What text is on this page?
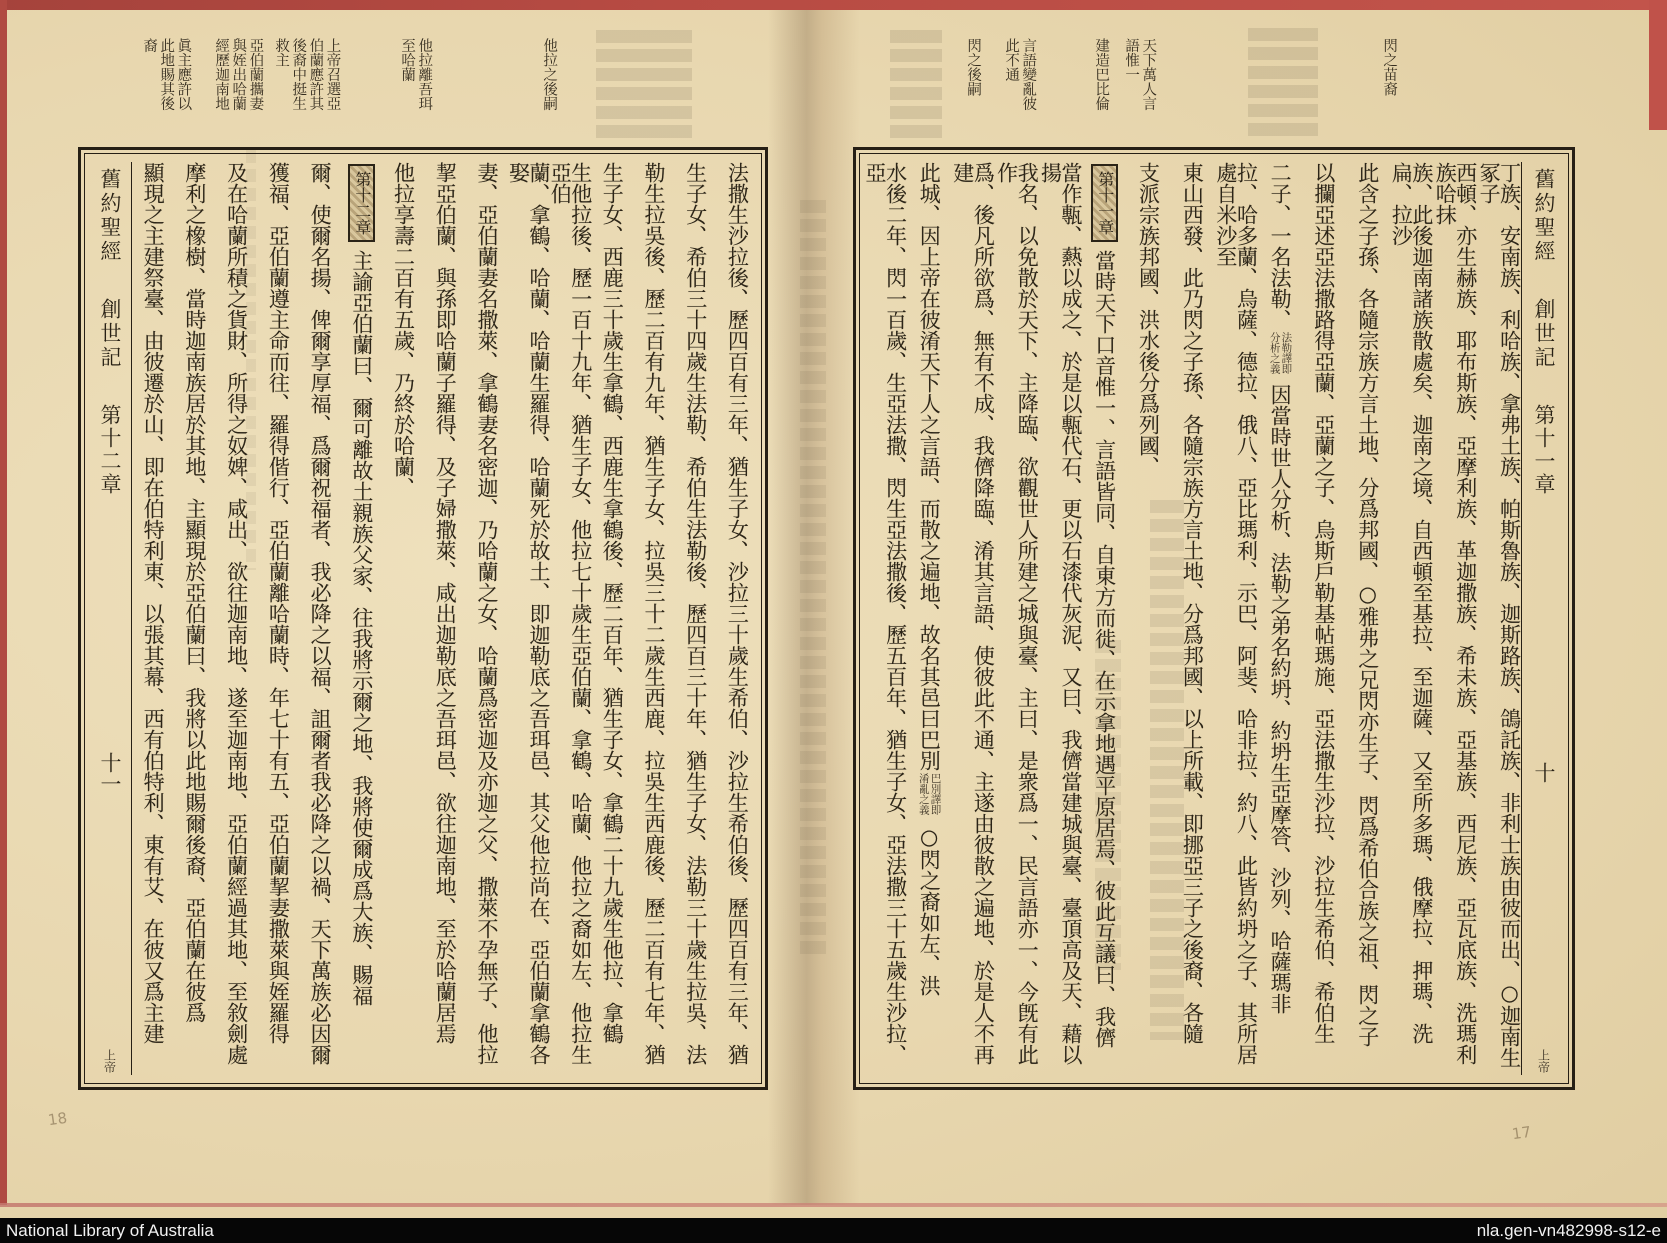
閃之苗裔
天下萬人言語惟一
建造巴比倫
言語變亂彼此不通
閃之後嗣
他拉之後嗣
他拉離吾珥至哈蘭
上帝召選亞伯蘭應許其後裔中挺生救主
亞伯蘭攜妻與姪出哈蘭經歷迦南地
眞主應許以此地賜其後裔
舊約聖經
創世記
第十一章
十
上帝
丁族、安南族、利哈族、拿弗土族、帕斯魯族、迦斯路族、鴿託族、非利士族由彼而出、○迦南生冢子
西頓、亦生赫族、耶布斯族、亞摩利族、革迦撒族、希未族、亞基族、西尼族、亞瓦底族、洗瑪利族哈抹
族、此後迦南諸族散處矣、迦南之境、自西頓至基拉、至迦薩、又至所多瑪、俄摩拉、押瑪、洗扁、拉沙
此含之子孫、各隨宗族方言土地、分爲邦國、○雅弗之兄閃亦生子、閃爲希伯合族之祖、閃之子
以攔亞述亞法撒路得亞蘭、亞蘭之子、烏斯戶勒基帖瑪施、亞法撒生沙拉、沙拉生希伯、希伯生
二子、一名法勒、
法勒譯即分析之義
因當時世人分析、法勒之弟名約坍、約坍生亞摩答、沙列、哈薩瑪非
拉、哈多蘭、烏薩、德拉、俄八、亞比瑪利、示巴、阿斐、哈非拉、約八、此皆約坍之子、其所居處自米沙至
東山西發、此乃閃之子孫、各隨宗族方言土地、分爲邦國、以上所載、即挪亞三子之後裔、各隨
支派宗族邦國、洪水後分爲列國、
第十一章
當時天下口音惟一、言語皆同、自東方而徙、在示拿地遇平原居焉、彼此互議曰、我儕
當作甎、爇以成之、於是以甎代石、更以石漆代灰泥、又曰、我儕當建城與臺、臺頂高及天、藉以揚
我名、以免散於天下、主降臨、欲觀世人所建之城與臺、主曰、是衆爲一、民言語亦一、今旣有此作
爲、後凡所欲爲、無有不成、我儕降臨、淆其言語、使彼此不通、主遂由彼散之遍地、於是人不再建
此城、因上帝在彼淆天下人之言語、而散之遍地、故名其邑曰巴別
巴別譯即淆亂之義
○閃之裔如左、洪
水後二年、閃一百歲、生亞法撒、閃生亞法撒後、歷五百年、猶生子女、亞法撒三十五歲生沙拉、亞
法撒生沙拉後、歷四百有三年、猶生子女、沙拉三十歲生希伯、沙拉生希伯後、歷四百有三年、猶
生子女、希伯三十四歲生法勒、希伯生法勒後、歷四百三十年、猶生子女、法勒三十歲生拉吳、法
勒生拉吳後、歷二百有九年、猶生子女、拉吳三十二歲生西鹿、拉吳生西鹿後、歷二百有七年、猶
生子女、西鹿三十歲生拿鶴、西鹿生拿鶴後、歷二百年、猶生子女、拿鶴二十九歲生他拉、拿鶴
生他拉後、歷一百十九年、猶生子女、他拉七十歲生亞伯蘭、拿鶴、哈蘭、他拉之裔如左、他拉生亞伯
蘭、拿鶴、哈蘭、哈蘭生羅得、哈蘭死於故土、即迦勒底之吾珥邑、其父他拉尚在、亞伯蘭拿鶴各娶
妻、亞伯蘭妻名撒萊、拿鶴妻名密迦、乃哈蘭之女、哈蘭爲密迦及亦迦之父、撒萊不孕無子、他拉
挈亞伯蘭、與孫即哈蘭子羅得、及子婦撒萊、咸出迦勒底之吾珥邑、欲往迦南地、至於哈蘭居焉
他拉享壽二百有五歲、乃終於哈蘭、
第十二章
主諭亞伯蘭曰、爾可離故土親族父家、往我將示爾之地、我將使爾成爲大族、賜福
爾、使爾名揚、俾爾享厚福、爲爾祝福者、我必降之以福、詛爾者我必降之以禍、天下萬族必因爾
獲福、亞伯蘭遵主命而往、羅得偕行、亞伯蘭離哈蘭時、年七十有五、亞伯蘭挈妻撒萊與姪羅得
及在哈蘭所積之貨財、所得之奴婢、咸出、欲往迦南地、遂至迦南地、亞伯蘭經過其地、至敘劍處
摩利之橡樹、當時迦南族居於其地、主顯現於亞伯蘭曰、我將以此地賜爾後裔、亞伯蘭在彼爲
顯現之主建祭臺、由彼遷於山、即在伯特利東、以張其幕、西有伯特利、東有艾、在彼又爲主建
舊約聖經
創世記
第十二章
十一
上帝
18
17
National Library of Australia	nla.gen-vn482998-s12-e
